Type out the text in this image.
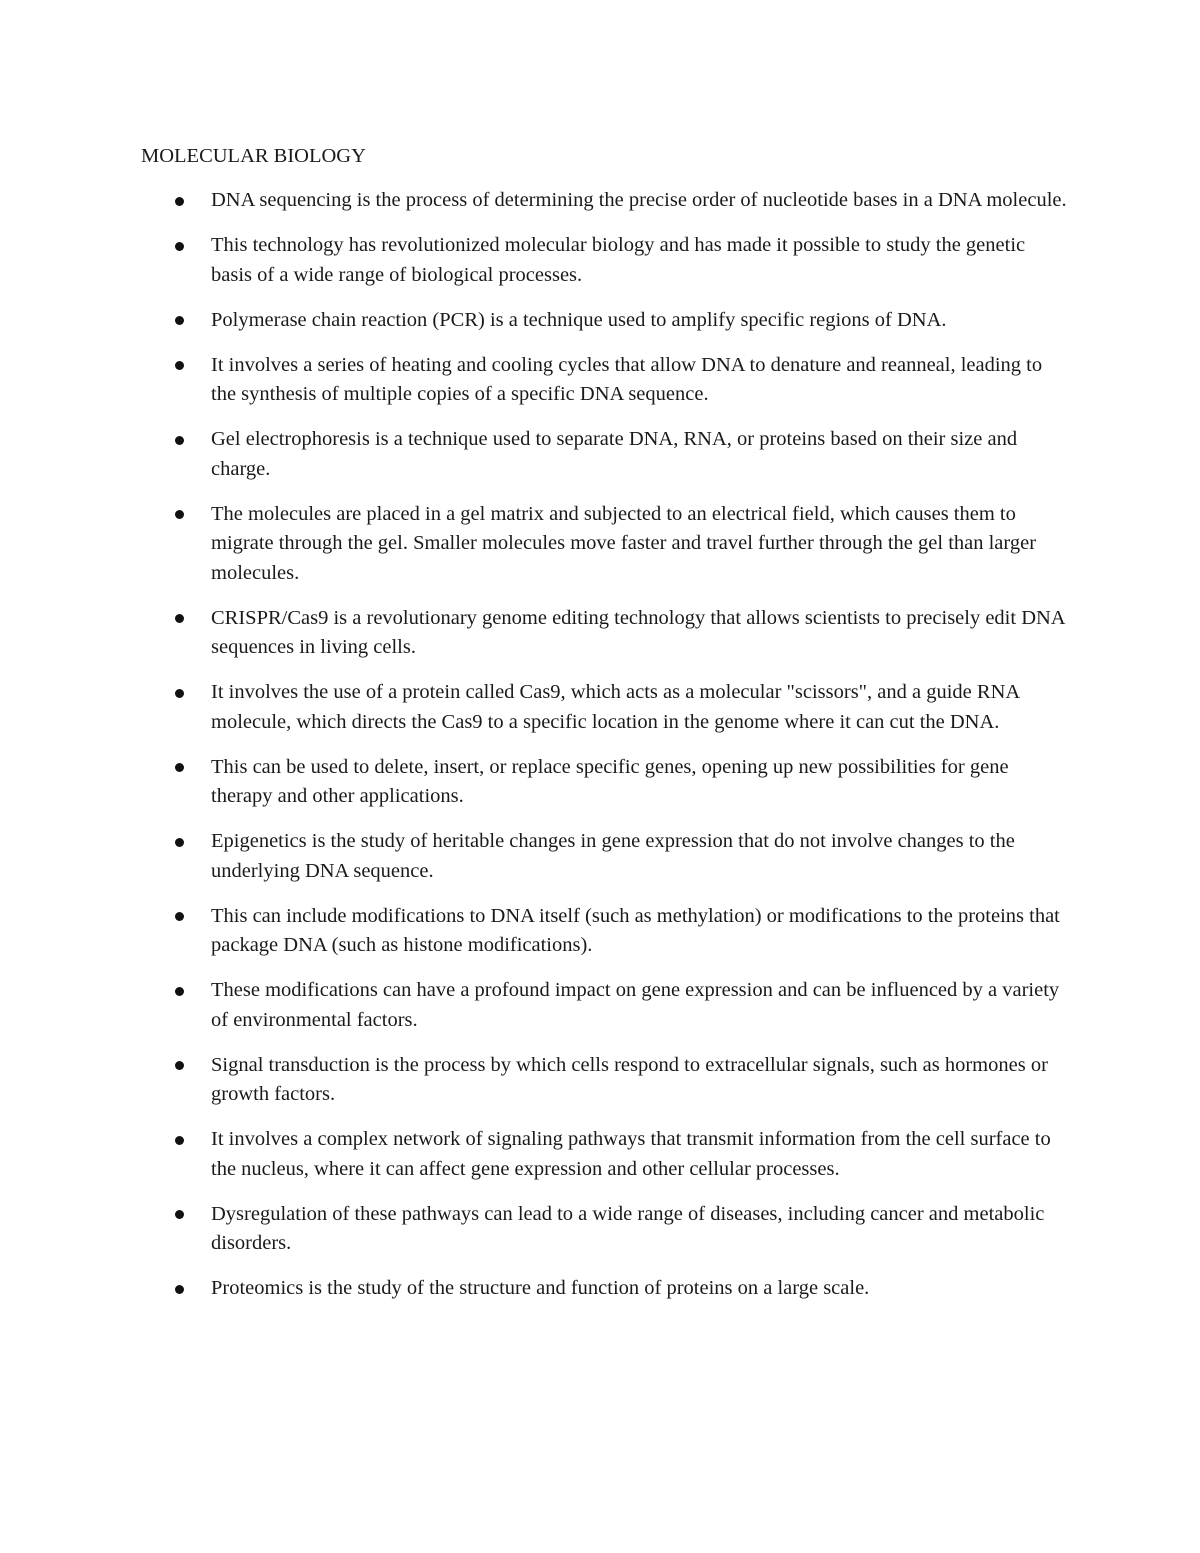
MOLECULAR BIOLOGY
DNA sequencing is the process of determining the precise order of nucleotide bases in a DNA molecule.
This technology has revolutionized molecular biology and has made it possible to study the genetic basis of a wide range of biological processes.
Polymerase chain reaction (PCR) is a technique used to amplify specific regions of DNA.
It involves a series of heating and cooling cycles that allow DNA to denature and reanneal, leading to the synthesis of multiple copies of a specific DNA sequence.
Gel electrophoresis is a technique used to separate DNA, RNA, or proteins based on their size and charge.
The molecules are placed in a gel matrix and subjected to an electrical field, which causes them to migrate through the gel. Smaller molecules move faster and travel further through the gel than larger molecules.
CRISPR/Cas9 is a revolutionary genome editing technology that allows scientists to precisely edit DNA sequences in living cells.
It involves the use of a protein called Cas9, which acts as a molecular "scissors", and a guide RNA molecule, which directs the Cas9 to a specific location in the genome where it can cut the DNA.
This can be used to delete, insert, or replace specific genes, opening up new possibilities for gene therapy and other applications.
Epigenetics is the study of heritable changes in gene expression that do not involve changes to the underlying DNA sequence.
This can include modifications to DNA itself (such as methylation) or modifications to the proteins that package DNA (such as histone modifications).
These modifications can have a profound impact on gene expression and can be influenced by a variety of environmental factors.
Signal transduction is the process by which cells respond to extracellular signals, such as hormones or growth factors.
It involves a complex network of signaling pathways that transmit information from the cell surface to the nucleus, where it can affect gene expression and other cellular processes.
Dysregulation of these pathways can lead to a wide range of diseases, including cancer and metabolic disorders.
Proteomics is the study of the structure and function of proteins on a large scale.
